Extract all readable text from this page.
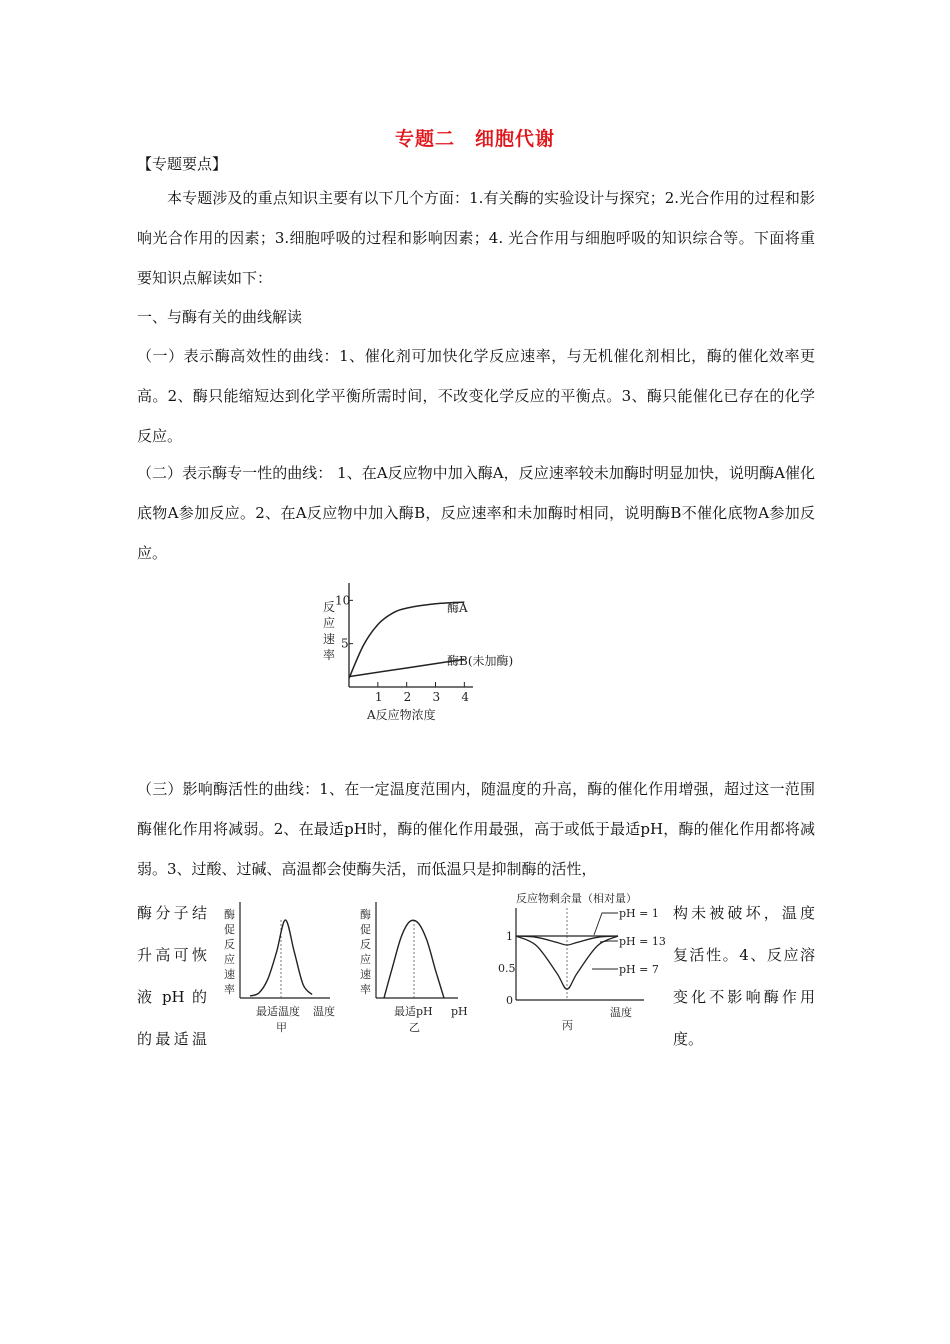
专题二　细胞代谢
【专题要点】
本专题涉及的重点知识主要有以下几个方面：1.有关酶的实验设计与探究；2.光合作用的过程和影响光合作用的因素；3.细胞呼吸的过程和影响因素；4. 光合作用与细胞呼吸的知识综合等。下面将重要知识点解读如下：
一、与酶有关的曲线解读
（一）表示酶高效性的曲线：1、催化剂可加快化学反应速率，与无机催化剂相比，酶的催化效率更高。2、酶只能缩短达到化学平衡所需时间，不改变化学反应的平衡点。3、酶只能催化已存在的化学反应。
（二）表示酶专一性的曲线： 1、在A反应物中加入酶A，反应速率较未加酶时明显加快，说明酶A催化底物A参加反应。2、在A反应物中加入酶B，反应速率和未加酶时相同，说明酶B不催化底物A参加反应。
反
应
速
率
5
10
1 2 3 4
酶A
酶B(未加酶)
A反应物浓度
（三）影响酶活性的曲线：1、在一定温度范围内，随温度的升高，酶的催化作用增强，超过这一范围酶催化作用将减弱。2、在最适pH时，酶的催化作用最强，高于或低于最适pH，酶的催化作用都将减弱。3、过酸、过碱、高温都会使酶失活，而低温只是抑制酶的活性，
酶分子结
升高可恢
液 pH 的
的最适温
构未被破坏，温度
复活性。4、反应溶
变化不影响酶作用
度。
酶
促
反
应
速
率
最适温度 温度
甲
酶
促
反
应
速
率
最适pH pH
乙
反应物剩余量（相对量）
0
0.5
1
pH = 1
pH = 13
pH = 7
温度
丙
